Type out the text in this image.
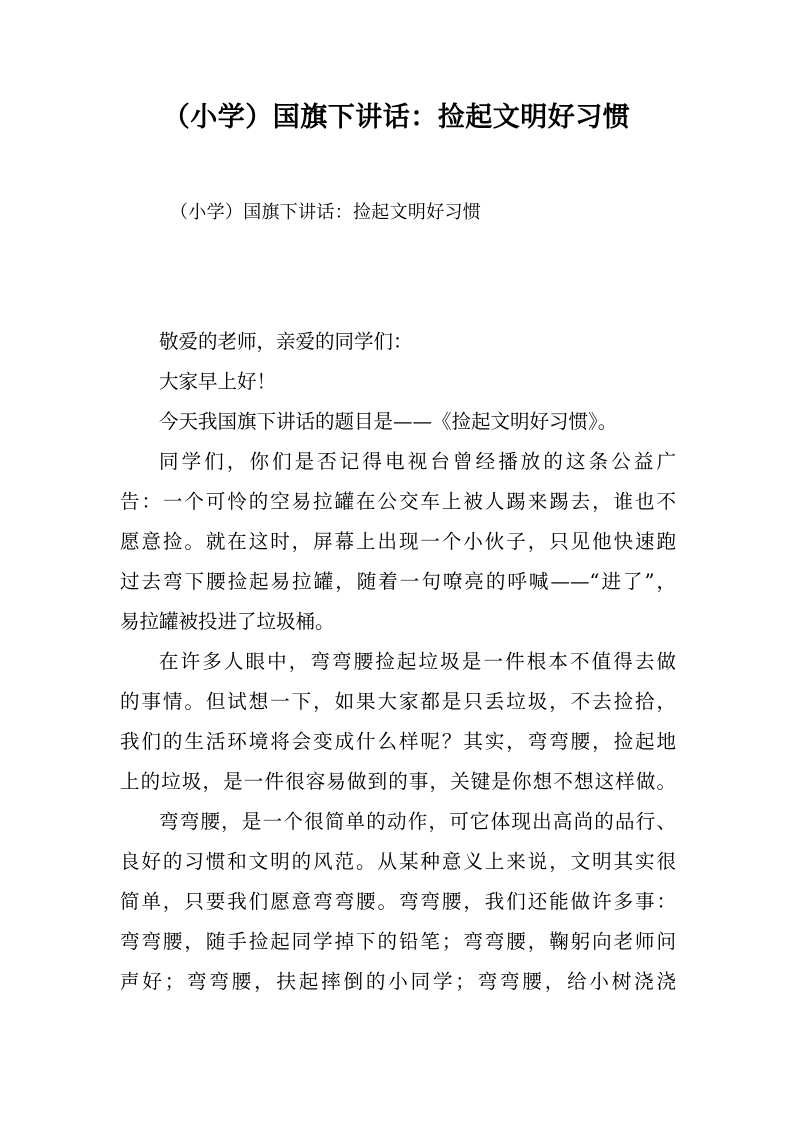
（小学）国旗下讲话：捡起文明好习惯

（小学）国旗下讲话：捡起文明好习惯

敬爱的老师，亲爱的同学们：
大家早上好！
今天我国旗下讲话的题目是——《捡起文明好习惯》。
同学们，你们是否记得电视台曾经播放的这条公益广
告：一个可怜的空易拉罐在公交车上被人踢来踢去，谁也不
愿意捡。就在这时，屏幕上出现一个小伙子，只见他快速跑
过去弯下腰捡起易拉罐，随着一句嘹亮的呼喊——“进了”，
易拉罐被投进了垃圾桶。
在许多人眼中，弯弯腰捡起垃圾是一件根本不值得去做
的事情。但试想一下，如果大家都是只丢垃圾，不去捡拾，
我们的生活环境将会变成什么样呢？其实，弯弯腰，捡起地
上的垃圾，是一件很容易做到的事，关键是你想不想这样做。
弯弯腰，是一个很简单的动作，可它体现出高尚的品行、
良好的习惯和文明的风范。从某种意义上来说，文明其实很
简单，只要我们愿意弯弯腰。弯弯腰，我们还能做许多事：
弯弯腰，随手捡起同学掉下的铅笔；弯弯腰，鞠躬向老师问
声好；弯弯腰，扶起摔倒的小同学；弯弯腰，给小树浇浇
